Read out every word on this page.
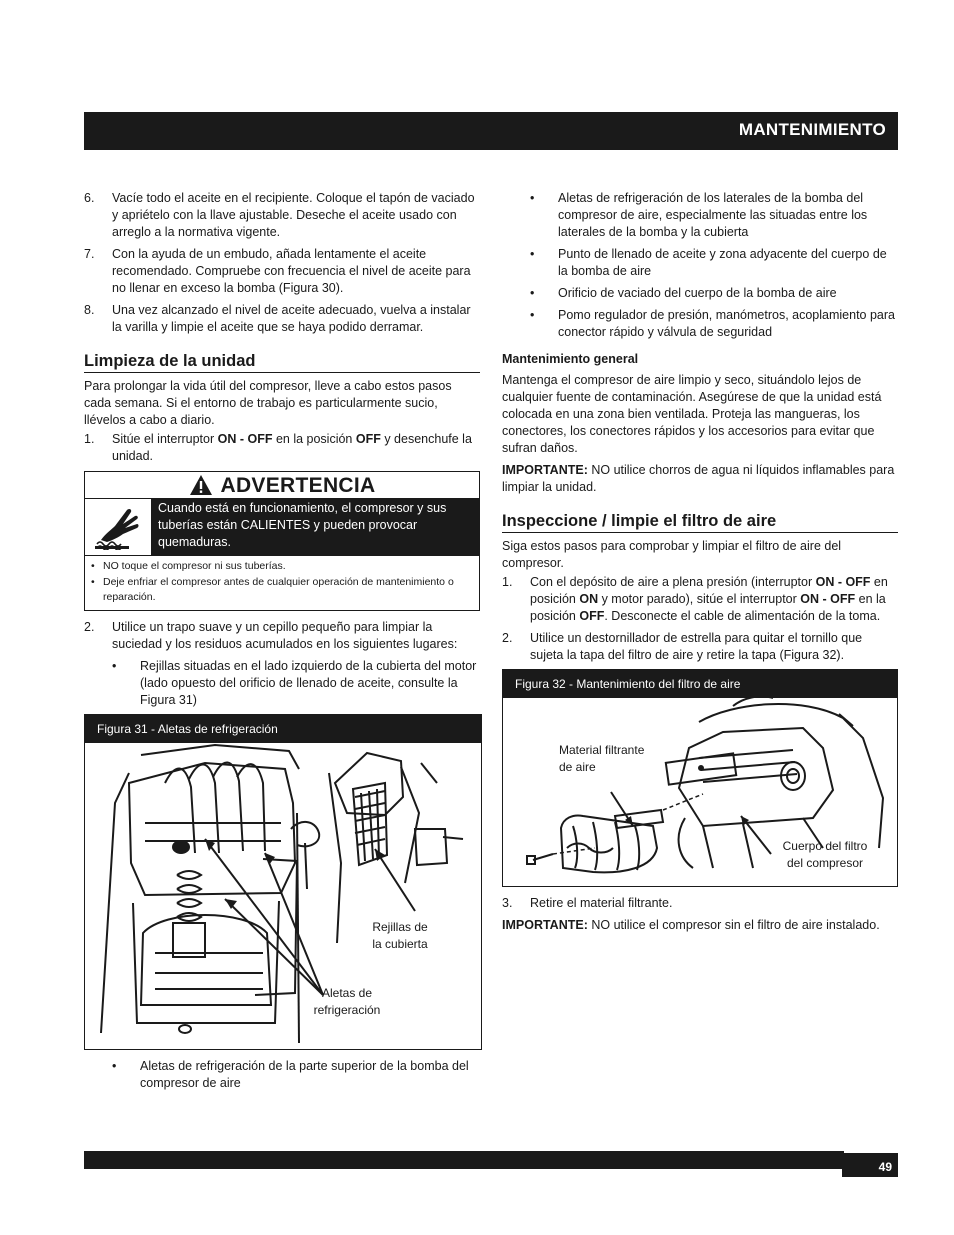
MANTENIMIENTO
6. Vacíe todo el aceite en el recipiente. Coloque el tapón de vaciado y apriételo con la llave ajustable. Deseche el aceite usado con arreglo a la normativa vigente.
7. Con la ayuda de un embudo, añada lentamente el aceite recomendado. Compruebe con frecuencia el nivel de aceite para no llenar en exceso la bomba (Figura 30).
8. Una vez alcanzado el nivel de aceite adecuado, vuelva a instalar la varilla y limpie el aceite que se haya podido derramar.
Limpieza de la unidad

Para prolongar la vida útil del compresor, lleve a cabo estos pasos cada semana. Si el entorno de trabajo es particularmente sucio, llévelos a cabo a diario.

1. Sitúe el interruptor ON - OFF en la posición OFF y desenchufe la unidad.
ADVERTENCIA
Cuando está en funcionamiento, el compresor y sus tuberías están CALIENTES y pueden provocar quemaduras.
• NO toque el compresor ni sus tuberías.
• Deje enfriar el compresor antes de cualquier operación de mantenimiento o reparación.
2. Utilice un trapo suave y un cepillo pequeño para limpiar la suciedad y los residuos acumulados en los siguientes lugares:
• Rejillas situadas en el lado izquierdo de la cubierta del motor (lado opuesto del orificio de llenado de aceite, consulte la Figura 31)
Figura 31 - Aletas de refrigeración
Rejillas de
la cubierta
Aletas de
refrigeración
• Aletas de refrigeración de la parte superior de la bomba del compresor de aire
• Aletas de refrigeración de los laterales de la bomba del compresor de aire, especialmente las situadas entre los laterales de la bomba y la cubierta
• Punto de llenado de aceite y zona adyacente del cuerpo de la bomba de aire
• Orificio de vaciado del cuerpo de la bomba de aire
• Pomo regulador de presión, manómetros, acoplamiento para conector rápido y válvula de seguridad
Mantenimiento general

Mantenga el compresor de aire limpio y seco, situándolo lejos de cualquier fuente de contaminación. Asegúrese de que la unidad está colocada en una zona bien ventilada. Proteja las mangueras, los conectores, los conectores rápidos y los accesorios para evitar que sufran daños.

IMPORTANTE: NO utilice chorros de agua ni líquidos inflamables para limpiar la unidad.

Inspeccione / limpie el filtro de aire

Siga estos pasos para comprobar y limpiar el filtro de aire del compresor.

1. Con el depósito de aire a plena presión (interruptor ON - OFF en posición ON y motor parado), sitúe el interruptor ON - OFF en la posición OFF. Desconecte el cable de alimentación de la toma.
2. Utilice un destornillador de estrella para quitar el tornillo que sujeta la tapa del filtro de aire y retire la tapa (Figura 32).
Figura 32 - Mantenimiento del filtro de aire
Material filtrante
de aire
Cuerpo del filtro
del compresor
3. Retire el material filtrante.

IMPORTANTE: NO utilice el compresor sin el filtro de aire instalado.

49
